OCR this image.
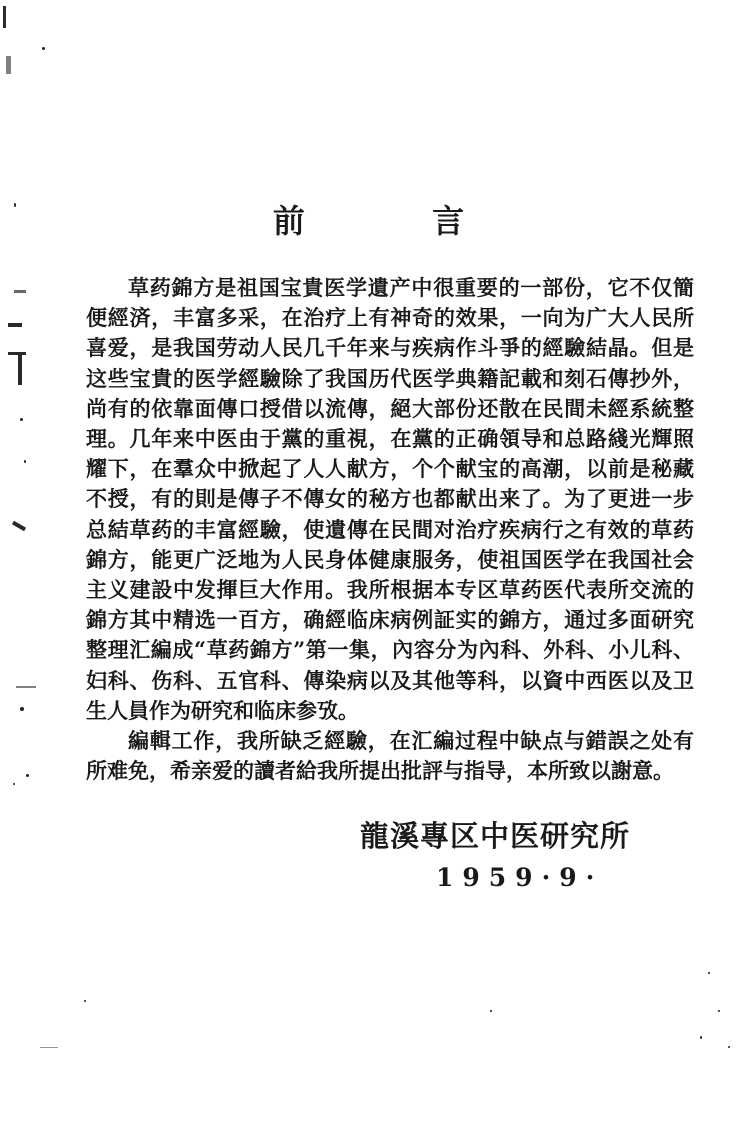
前 言

草药錦方是祖国宝貴医学遺产中很重要的一部份，它不仅簡便經済，丰富多采，在治疗上有神奇的效果，一向为广大人民所喜爱，是我国劳动人民几千年来与疾病作斗爭的經驗結晶。但是这些宝貴的医学經驗除了我国历代医学典籍記載和刻石傳抄外，尚有的依靠面傳口授借以流傳，絕大部份还散在民間未經系統整理。几年来中医由于黨的重視，在黨的正确領导和总路綫光輝照耀下，在羣众中掀起了人人献方，个个献宝的高潮，以前是秘藏不授，有的則是傳子不傳女的秘方也都献出来了。为了更进一步总結草药的丰富經驗，使遺傳在民間对治疗疾病行之有效的草药錦方，能更广泛地为人民身体健康服务，使祖国医学在我国社会主义建設中发揮巨大作用。我所根据本专区草药医代表所交流的錦方其中精选一百方，确經临床病例証实的錦方，通过多面研究整理汇編成“草药錦方”第一集，內容分为內科、外科、小儿科、妇科、伤科、五官科、傳染病以及其他等科，以資中西医以及卫生人員作为研究和临床参攷。

編輯工作，我所缺乏經驗，在汇編过程中缺点与錯誤之处有所难免，希亲爱的讀者給我所提出批評与指导，本所致以謝意。

龍溪專区中医研究所
1959·9·
